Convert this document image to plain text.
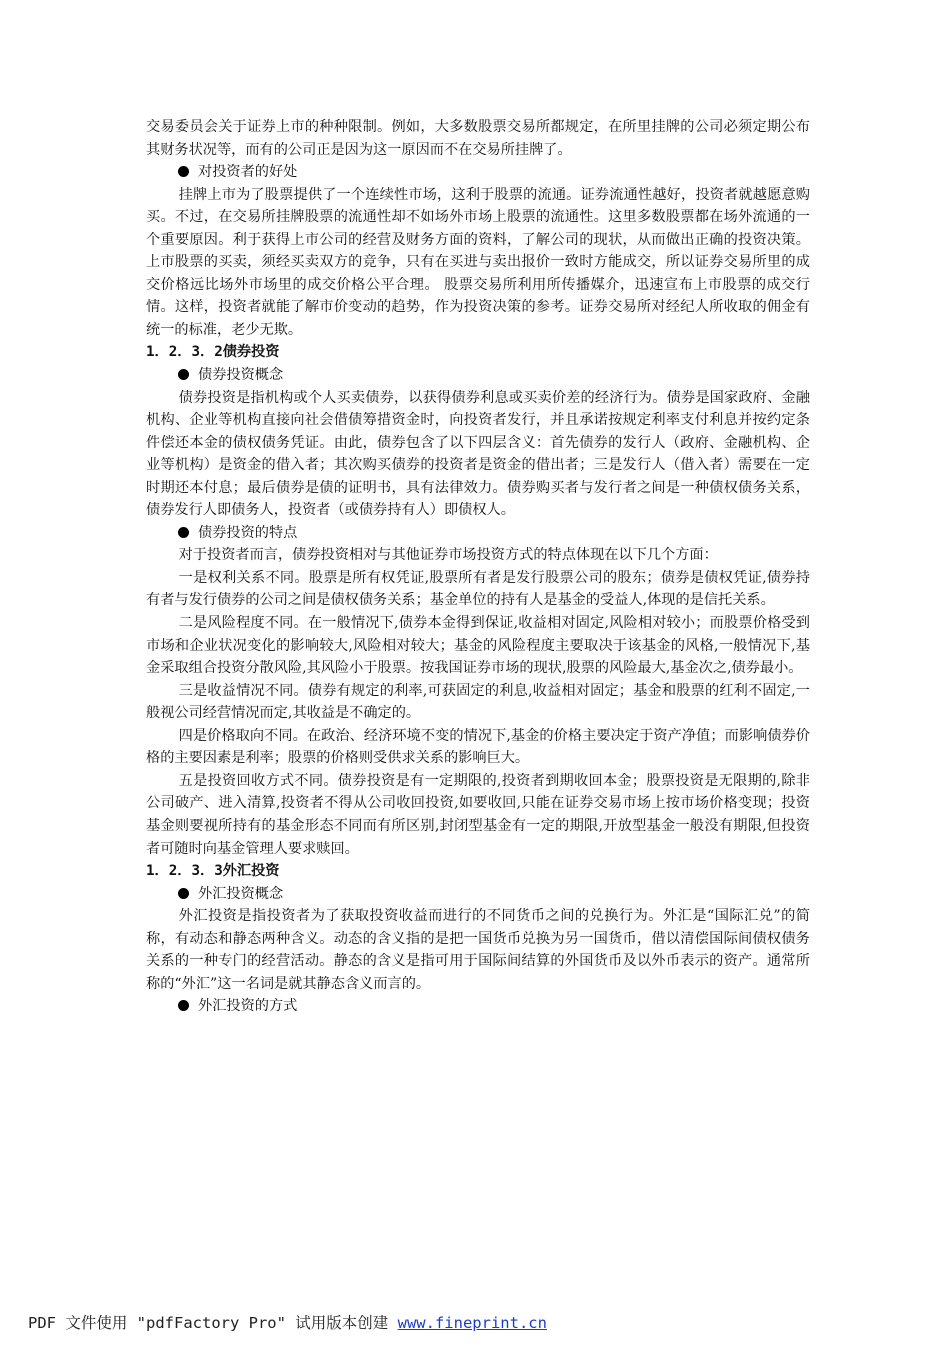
交易委员会关于证券上市的种种限制。例如，大多数股票交易所都规定，在所里挂牌的公司必须定期公布其财务状况等，而有的公司正是因为这一原因而不在交易所挂牌了。

对投资者的好处

挂牌上市为了股票提供了一个连续性市场，这利于股票的流通。证券流通性越好，投资者就越愿意购买。不过，在交易所挂牌股票的流通性却不如场外市场上股票的流通性。这里多数股票都在场外流通的一个重要原因。利于获得上市公司的经营及财务方面的资料，了解公司的现状，从而做出正确的投资决策。上市股票的买卖，须经买卖双方的竞争，只有在买进与卖出报价一致时方能成交，所以证券交易所里的成交价格远比场外市场里的成交价格公平合理。 股票交易所利用所传播媒介，迅速宣布上市股票的成交行情。这样，投资者就能了解市价变动的趋势，作为投资决策的参考。证券交易所对经纪人所收取的佣金有统一的标准，老少无欺。

1．2．3．2债券投资

债券投资概念

债券投资是指机构或个人买卖债券，以获得债券利息或买卖价差的经济行为。债券是国家政府、金融机构、企业等机构直接向社会借债筹措资金时，向投资者发行，并且承诺按规定利率支付利息并按约定条件偿还本金的债权债务凭证。由此，债券包含了以下四层含义：首先债券的发行人（政府、金融机构、企业等机构）是资金的借入者；其次购买债券的投资者是资金的借出者；三是发行人（借入者）需要在一定时期还本付息；最后债券是债的证明书，具有法律效力。债券购买者与发行者之间是一种债权债务关系，债券发行人即债务人，投资者（或债券持有人）即债权人。

债券投资的特点

对于投资者而言，债券投资相对与其他证券市场投资方式的特点体现在以下几个方面：

一是权利关系不同。股票是所有权凭证,股票所有者是发行股票公司的股东；债券是债权凭证,债券持有者与发行债券的公司之间是债权债务关系；基金单位的持有人是基金的受益人,体现的是信托关系。

二是风险程度不同。在一般情况下,债券本金得到保证,收益相对固定,风险相对较小；而股票价格受到市场和企业状况变化的影响较大,风险相对较大；基金的风险程度主要取决于该基金的风格,一般情况下,基金采取组合投资分散风险,其风险小于股票。按我国证券市场的现状,股票的风险最大,基金次之,债券最小。

三是收益情况不同。债券有规定的利率,可获固定的利息,收益相对固定；基金和股票的红利不固定,一般视公司经营情况而定,其收益是不确定的。

四是价格取向不同。在政治、经济环境不变的情况下,基金的价格主要决定于资产净值；而影响债券价格的主要因素是利率；股票的价格则受供求关系的影响巨大。

五是投资回收方式不同。债券投资是有一定期限的,投资者到期收回本金；股票投资是无限期的,除非公司破产、进入清算,投资者不得从公司收回投资,如要收回,只能在证券交易市场上按市场价格变现；投资基金则要视所持有的基金形态不同而有所区别,封闭型基金有一定的期限,开放型基金一般没有期限,但投资者可随时向基金管理人要求赎回。

1．2．3．3外汇投资

外汇投资概念

外汇投资是指投资者为了获取投资收益而进行的不同货币之间的兑换行为。外汇是“国际汇兑”的简称，有动态和静态两种含义。动态的含义指的是把一国货币兑换为另一国货币，借以清偿国际间债权债务关系的一种专门的经营活动。静态的含义是指可用于国际间结算的外国货币及以外币表示的资产。通常所称的“外汇”这一名词是就其静态含义而言的。

外汇投资的方式

PDF 文件使用 "pdfFactory Pro" 试用版本创建 www.fineprint.cn
